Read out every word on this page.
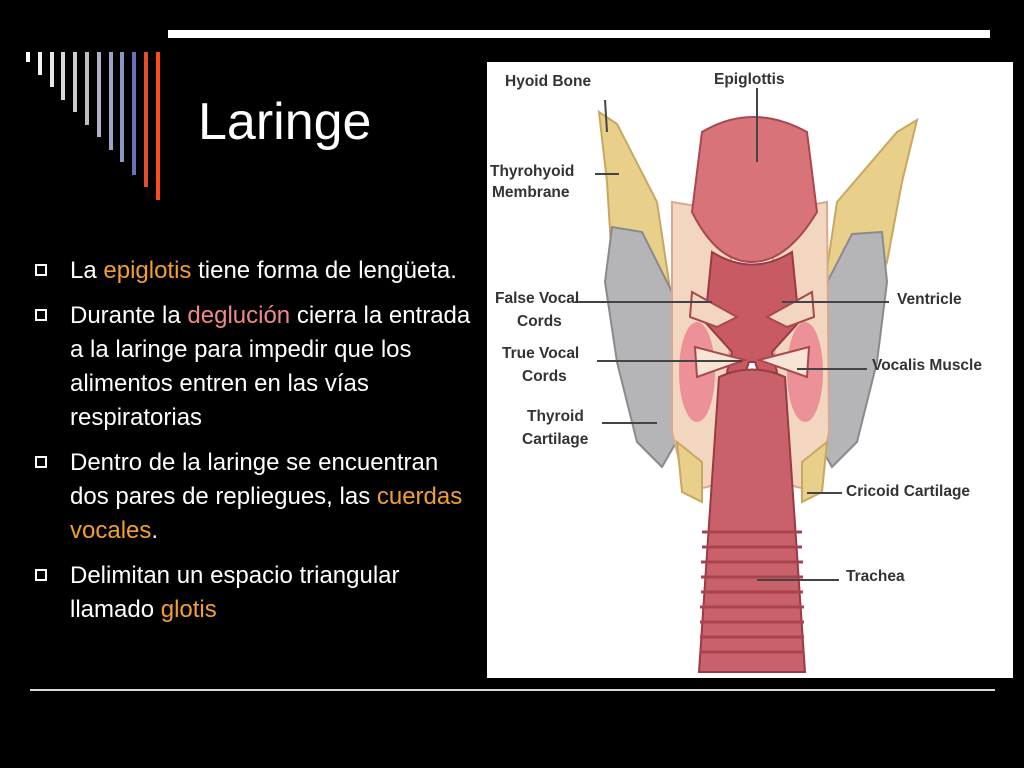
Laringe
La epiglotis tiene forma de lengüeta.
Durante la deglución cierra la entrada a la laringe para impedir que los alimentos entren en las vías respiratorias
Dentro de la laringe se encuentran dos pares de repliegues, las cuerdas vocales.
Delimitan un espacio triangular llamado glotis
Hyoid Bone	Epiglottis
Thyrohyoid
Membrane
False Vocal
Cords
True Vocal
Cords
Thyroid
Cartilage
Ventricle
Vocalis Muscle
Cricoid Cartilage
Trachea
